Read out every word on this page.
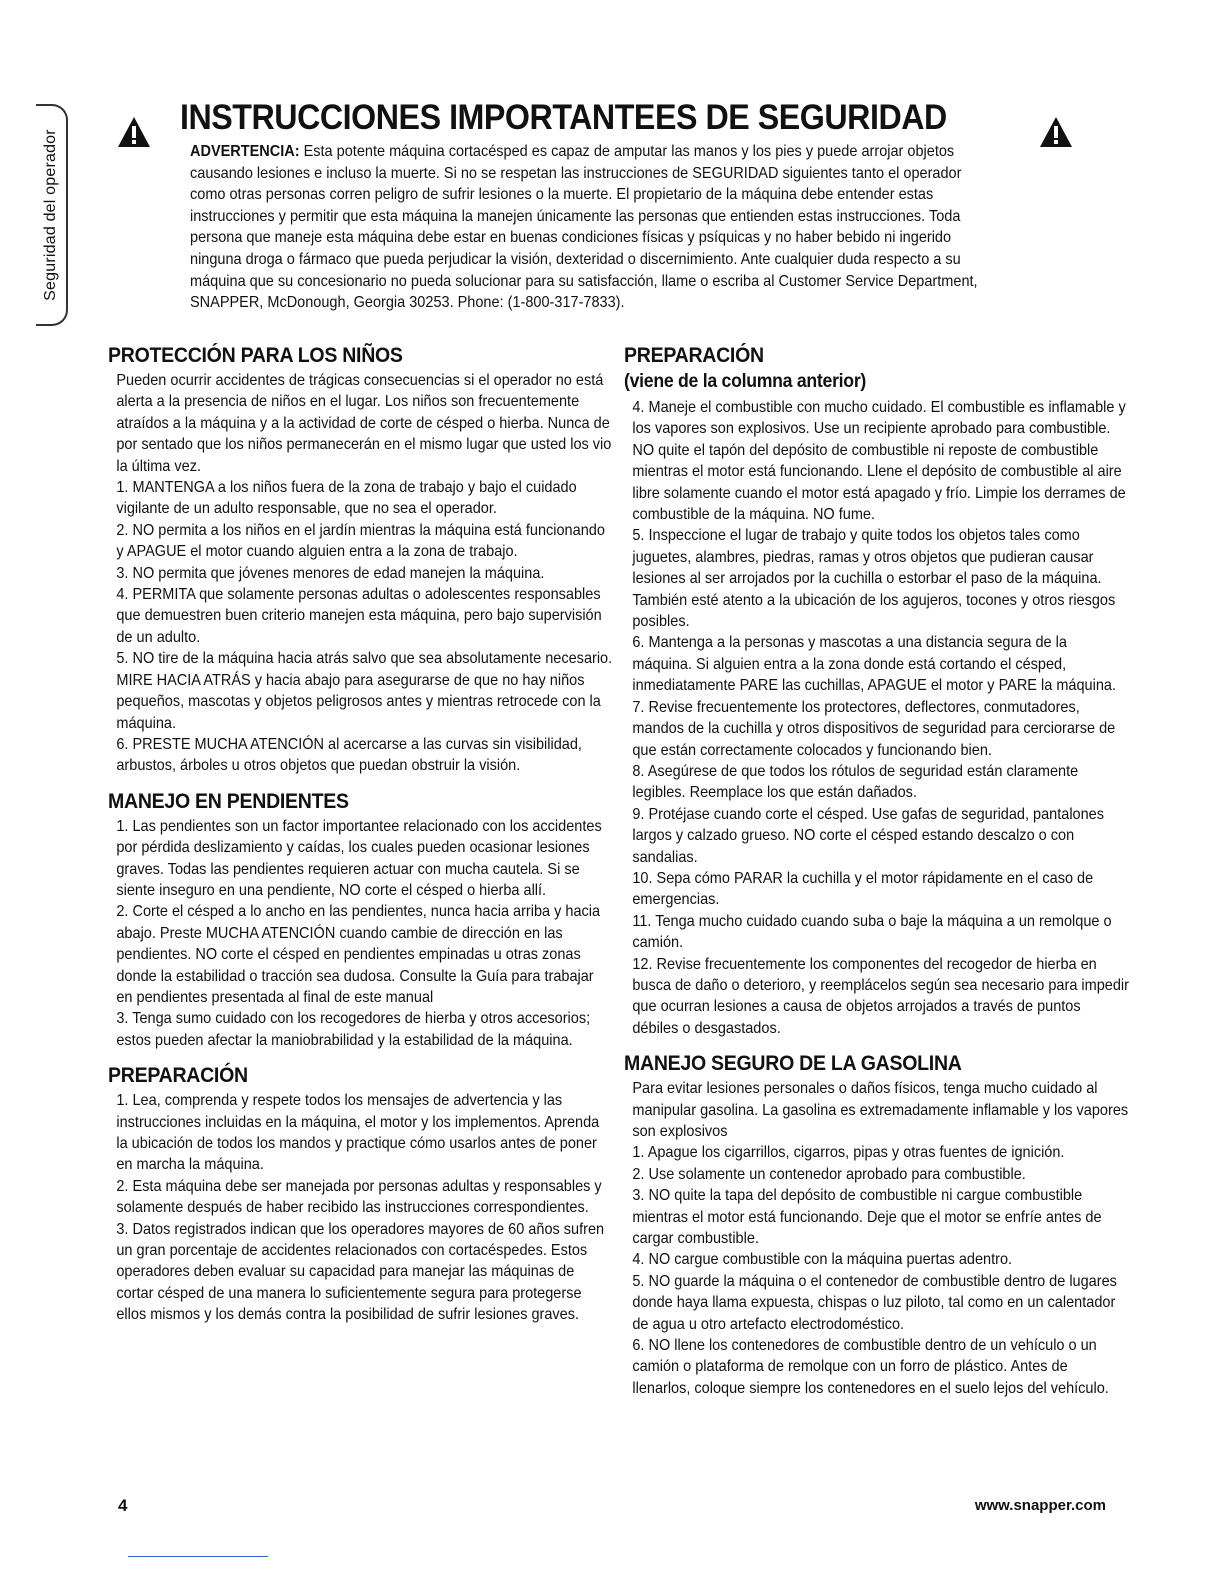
Seguridad del operador
INSTRUCCIONES IMPORTANTEES DE SEGURIDAD
ADVERTENCIA: Esta potente máquina cortacésped es capaz de amputar las manos y los pies y puede arrojar objetos causando lesiones e incluso la muerte. Si no se respetan las instrucciones de SEGURIDAD siguientes tanto el operador como otras personas corren peligro de sufrir lesiones o la muerte. El propietario de la máquina debe entender estas instrucciones y permitir que esta máquina la manejen únicamente las personas que entienden estas instrucciones. Toda persona que maneje esta máquina debe estar en buenas condiciones físicas y psíquicas y no haber bebido ni ingerido ninguna droga o fármaco que pueda perjudicar la visión, dexteridad o discernimiento. Ante cualquier duda respecto a su máquina que su concesionario no pueda solucionar para su satisfacción, llame o escriba al Customer Service Department, SNAPPER, McDonough, Georgia 30253. Phone: (1-800-317-7833).
PROTECCIÓN PARA LOS NIÑOS

Pueden ocurrir accidentes de trágicas consecuencias si el operador no está alerta a la presencia de niños en el lugar. Los niños son frecuentemente atraídos a la máquina y a la actividad de corte de césped o hierba. Nunca de por sentado que los niños permanecerán en el mismo lugar que usted los vio la última vez.

1. MANTENGA a los niños fuera de la zona de trabajo y bajo el cuidado vigilante de un adulto responsable, que no sea el operador.

2. NO permita a los niños en el jardín mientras la máquina está funcionando y APAGUE el motor cuando alguien entra a la zona de trabajo.

3. NO permita que jóvenes menores de edad manejen la máquina.

4. PERMITA que solamente personas adultas o adolescentes responsables que demuestren buen criterio manejen esta máquina, pero bajo supervisión de un adulto.

5. NO tire de la máquina hacia atrás salvo que sea absolutamente necesario. MIRE HACIA ATRÁS y hacia abajo para asegurarse de que no hay niños pequeños, mascotas y objetos peligrosos antes y mientras retrocede con la máquina.

6. PRESTE MUCHA ATENCIÓN al acercarse a las curvas sin visibilidad, arbustos, árboles u otros objetos que puedan obstruir la visión.

MANEJO EN PENDIENTES

1. Las pendientes son un factor importantee relacionado con los accidentes por pérdida deslizamiento y caídas, los cuales pueden ocasionar lesiones graves. Todas las pendientes requieren actuar con mucha cautela. Si se siente inseguro en una pendiente, NO corte el césped o hierba allí.

2. Corte el césped a lo ancho en las pendientes, nunca hacia arriba y hacia abajo. Preste MUCHA ATENCIÓN cuando cambie de dirección en las pendientes. NO corte el césped en pendientes empinadas u otras zonas donde la estabilidad o tracción sea dudosa. Consulte la Guía para trabajar en pendientes presentada al final de este manual

3. Tenga sumo cuidado con los recogedores de hierba y otros accesorios; estos pueden afectar la maniobrabilidad y la estabilidad de la máquina.

PREPARACIÓN

1. Lea, comprenda y respete todos los mensajes de advertencia y las instrucciones incluidas en la máquina, el motor y los implementos. Aprenda la ubicación de todos los mandos y practique cómo usarlos antes de poner en marcha la máquina.

2. Esta máquina debe ser manejada por personas adultas y responsables y solamente después de haber recibido las instrucciones correspondientes.

3. Datos registrados indican que los operadores mayores de 60 años sufren un gran porcentaje de accidentes relacionados con cortacéspedes. Estos operadores deben evaluar su capacidad para manejar las máquinas de cortar césped de una manera lo suficientemente segura para protegerse ellos mismos y los demás contra la posibilidad de sufrir lesiones graves.

PREPARACIÓN
(viene de la columna anterior)

4. Maneje el combustible con mucho cuidado. El combustible es inflamable y los vapores son explosivos. Use un recipiente aprobado para combustible. NO quite el tapón del depósito de combustible ni reposte de combustible mientras el motor está funcionando. Llene el depósito de combustible al aire libre solamente cuando el motor está apagado y frío. Limpie los derrames de combustible de la máquina. NO fume.

5. Inspeccione el lugar de trabajo y quite todos los objetos tales como juguetes, alambres, piedras, ramas y otros objetos que pudieran causar lesiones al ser arrojados por la cuchilla o estorbar el paso de la máquina. También esté atento a la ubicación de los agujeros, tocones y otros riesgos posibles.

6. Mantenga a la personas y mascotas a una distancia segura de la máquina. Si alguien entra a la zona donde está cortando el césped, inmediatamente PARE las cuchillas, APAGUE el motor y PARE la máquina.

7. Revise frecuentemente los protectores, deflectores, conmutadores, mandos de la cuchilla y otros dispositivos de seguridad para cerciorarse de que están correctamente colocados y funcionando bien.

8. Asegúrese de que todos los rótulos de seguridad están claramente legibles. Reemplace los que están dañados.

9. Protéjase cuando corte el césped. Use gafas de seguridad, pantalones largos y calzado grueso. NO corte el césped estando descalzo o con sandalias.

10. Sepa cómo PARAR la cuchilla y el motor rápidamente en el caso de emergencias.

11. Tenga mucho cuidado cuando suba o baje la máquina a un remolque o camión.

12. Revise frecuentemente los componentes del recogedor de hierba en busca de daño o deterioro, y reemplácelos según sea necesario para impedir que ocurran lesiones a causa de objetos arrojados a través de puntos débiles o desgastados.

MANEJO SEGURO DE LA GASOLINA

Para evitar lesiones personales o daños físicos, tenga mucho cuidado al manipular gasolina. La gasolina es extremadamente inflamable y los vapores son explosivos

1. Apague los cigarrillos, cigarros, pipas y otras fuentes de ignición.

2. Use solamente un contenedor aprobado para combustible.

3. NO quite la tapa del depósito de combustible ni cargue combustible mientras el motor está funcionando. Deje que el motor se enfríe antes de cargar combustible.

4. NO cargue combustible con la máquina puertas adentro.

5. NO guarde la máquina o el contenedor de combustible dentro de lugares donde haya llama expuesta, chispas o luz piloto, tal como en un calentador de agua u otro artefacto electrodoméstico.

6. NO llene los contenedores de combustible dentro de un vehículo o un camión o plataforma de remolque con un forro de plástico. Antes de llenarlos, coloque siempre los contenedores en el suelo lejos del vehículo.

4	www.snapper.com
